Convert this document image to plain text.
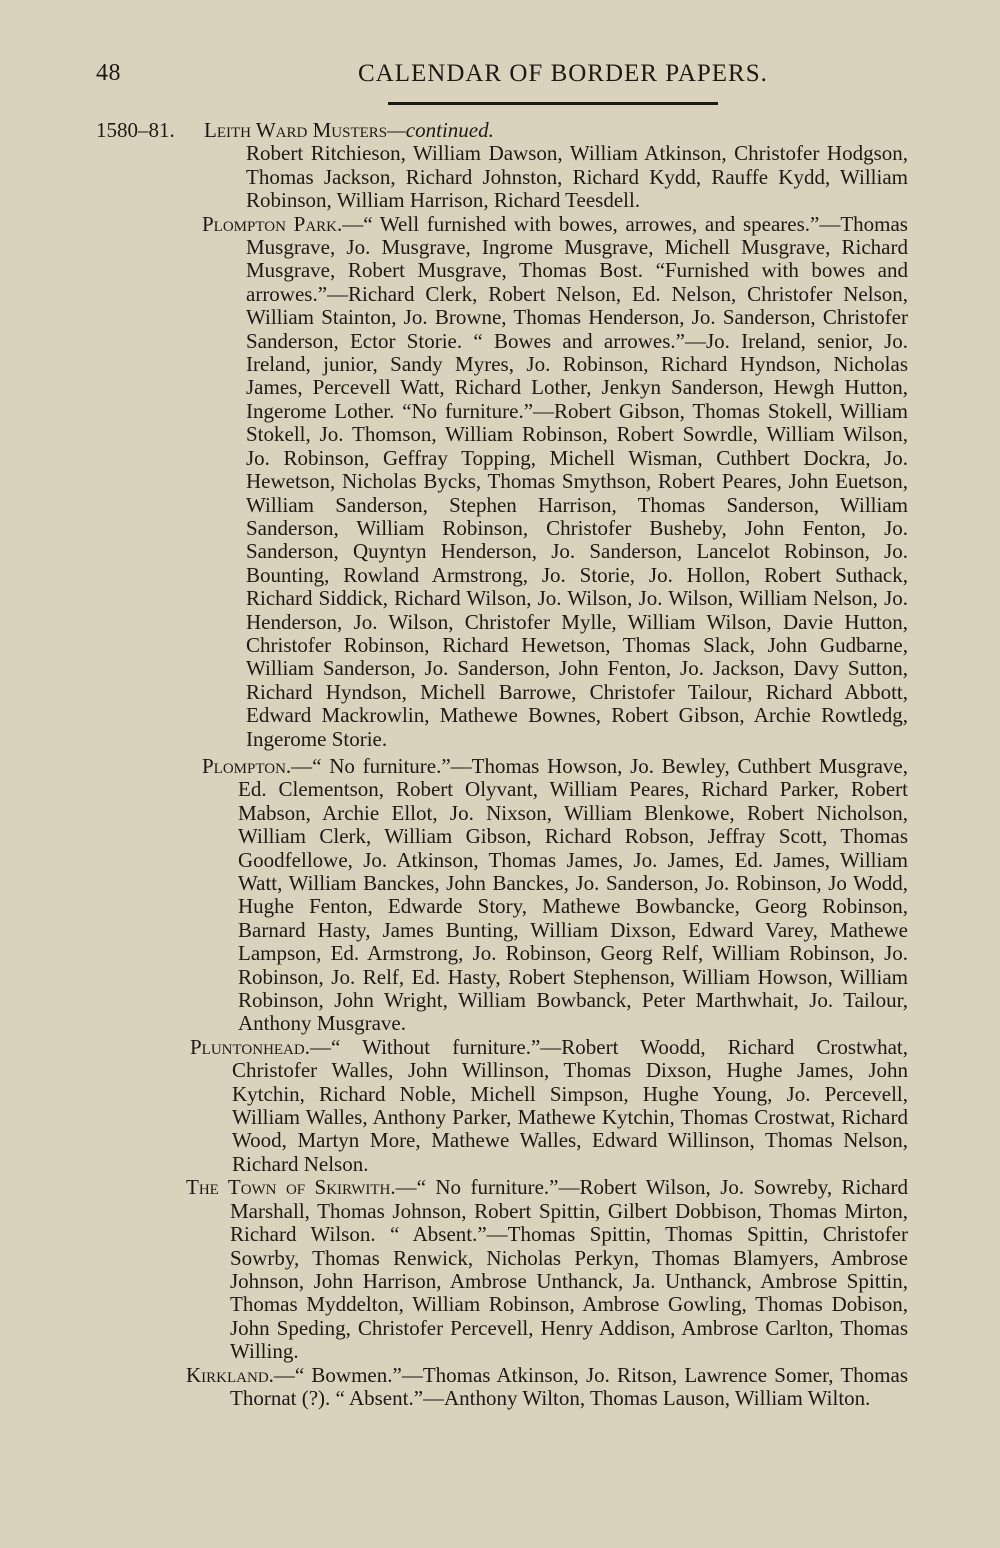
48	CALENDAR OF BORDER PAPERS.

1580–81. Leith Ward Musters—continued.

Robert Ritchieson, William Dawson, William Atkinson, Christofer Hodgson, Thomas Jackson, Richard Johnston, Richard Kydd, Rauffe Kydd, William Robinson, William Harrison, Richard Teesdell.

Plompton Park.—“ Well furnished with bowes, arrowes, and speares.”—Thomas Musgrave, Jo. Musgrave, Ingrome Musgrave, Michell Musgrave, Richard Musgrave, Robert Musgrave, Thomas Bost. “Furnished with bowes and arrowes.”—Richard Clerk, Robert Nelson, Ed. Nelson, Christofer Nelson, William Stainton, Jo. Browne, Thomas Henderson, Jo. Sanderson, Christofer Sanderson, Ector Storie. “ Bowes and arrowes.”—Jo. Ireland, senior, Jo. Ireland, junior, Sandy Myres, Jo. Robinson, Richard Hyndson, Nicholas James, Percevell Watt, Richard Lother, Jenkyn Sanderson, Hewgh Hutton, Ingerome Lother. “No furniture.”—Robert Gibson, Thomas Stokell, William Stokell, Jo. Thomson, William Robinson, Robert Sowrdle, William Wilson, Jo. Robinson, Geffray Topping, Michell Wisman, Cuthbert Dockra, Jo. Hewetson, Nicholas Bycks, Thomas Smythson, Robert Peares, John Euetson, William Sanderson, Stephen Harrison, Thomas Sanderson, William Sanderson, William Robinson, Christofer Busheby, John Fenton, Jo. Sanderson, Quyntyn Henderson, Jo. Sanderson, Lancelot Robinson, Jo. Bounting, Rowland Armstrong, Jo. Storie, Jo. Hollon, Robert Suthack, Richard Siddick, Richard Wilson, Jo. Wilson, Jo. Wilson, William Nelson, Jo. Henderson, Jo. Wilson, Christofer Mylle, William Wilson, Davie Hutton, Christofer Robinson, Richard Hewetson, Thomas Slack, John Gudbarne, William Sanderson, Jo. Sanderson, John Fenton, Jo. Jackson, Davy Sutton, Richard Hyndson, Michell Barrowe, Christofer Tailour, Richard Abbott, Edward Mackrowlin, Mathewe Bownes, Robert Gibson, Archie Rowtledg, Ingerome Storie.

Plompton.—“ No furniture.”—Thomas Howson, Jo. Bewley, Cuthbert Musgrave, Ed. Clementson, Robert Olyvant, William Peares, Richard Parker, Robert Mabson, Archie Ellot, Jo. Nixson, William Blenkowe, Robert Nicholson, William Clerk, William Gibson, Richard Robson, Jeffray Scott, Thomas Goodfellowe, Jo. Atkinson, Thomas James, Jo. James, Ed. James, William Watt, William Banckes, John Banckes, Jo. Sanderson, Jo. Robinson, Jo Wodd, Hughe Fenton, Edwarde Story, Mathewe Bowbancke, Georg Robinson, Barnard Hasty, James Bunting, William Dixson, Edward Varey, Mathewe Lampson, Ed. Armstrong, Jo. Robinson, Georg Relf, William Robinson, Jo. Robinson, Jo. Relf, Ed. Hasty, Robert Stephenson, William Howson, William Robinson, John Wright, William Bowbanck, Peter Marthwhait, Jo. Tailour, Anthony Musgrave.

Pluntonhead.—“ Without furniture.”—Robert Woodd, Richard Crostwhat, Christofer Walles, John Willinson, Thomas Dixson, Hughe James, John Kytchin, Richard Noble, Michell Simpson, Hughe Young, Jo. Percevell, William Walles, Anthony Parker, Mathewe Kytchin, Thomas Crostwat, Richard Wood, Martyn More, Mathewe Walles, Edward Willinson, Thomas Nelson, Richard Nelson.

The Town of Skirwith.—“ No furniture.”—Robert Wilson, Jo. Sowreby, Richard Marshall, Thomas Johnson, Robert Spittin, Gilbert Dobbison, Thomas Mirton, Richard Wilson. “ Absent.”—Thomas Spittin, Thomas Spittin, Christofer Sowrby, Thomas Renwick, Nicholas Perkyn, Thomas Blamyers, Ambrose Johnson, John Harrison, Ambrose Unthanck, Ja. Unthanck, Ambrose Spittin, Thomas Myddelton, William Robinson, Ambrose Gowling, Thomas Dobison, John Speding, Christofer Percevell, Henry Addison, Ambrose Carlton, Thomas Willing.

Kirkland.—“ Bowmen.”—Thomas Atkinson, Jo. Ritson, Lawrence Somer, Thomas Thornat (?). “ Absent.”—Anthony Wilton, Thomas Lauson, William Wilton.
